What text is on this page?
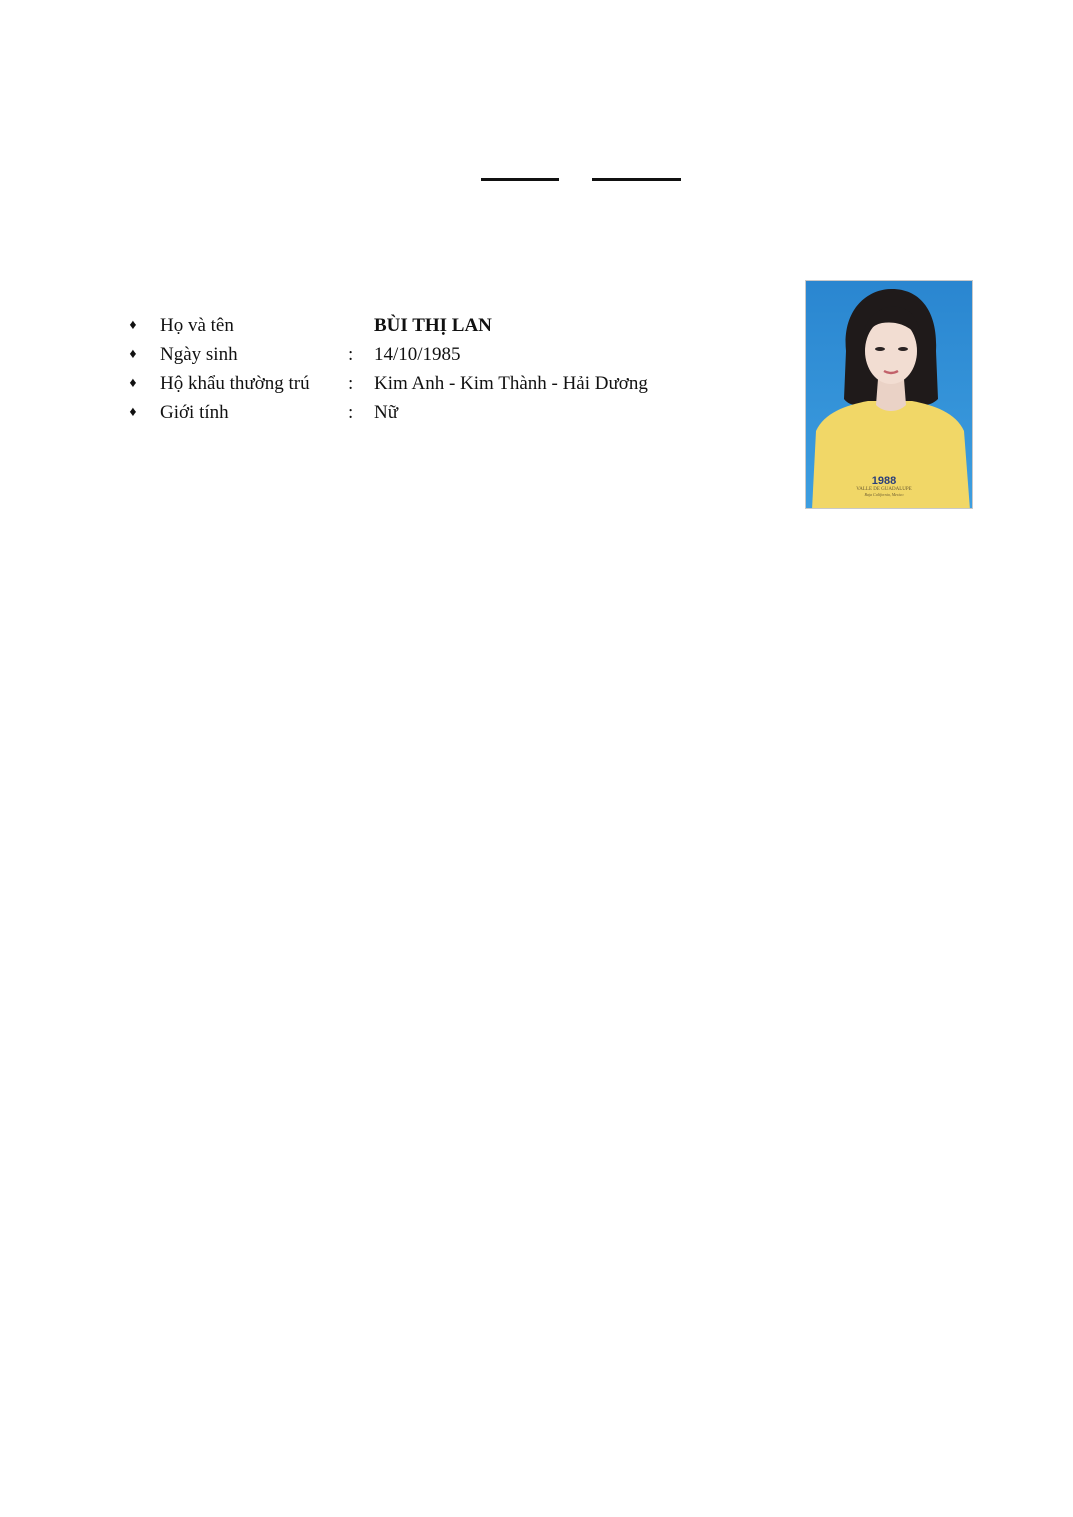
♦ Họ và tên	BÙI THỊ LAN
♦ Ngày sinh	: 14/10/1985
♦ Hộ khẩu thường trú : Kim Anh - Kim Thành - Hải Dương
♦ Giới tính	: Nữ
1988
VALLE DE GUADALUPE
Baja California, Mexico
